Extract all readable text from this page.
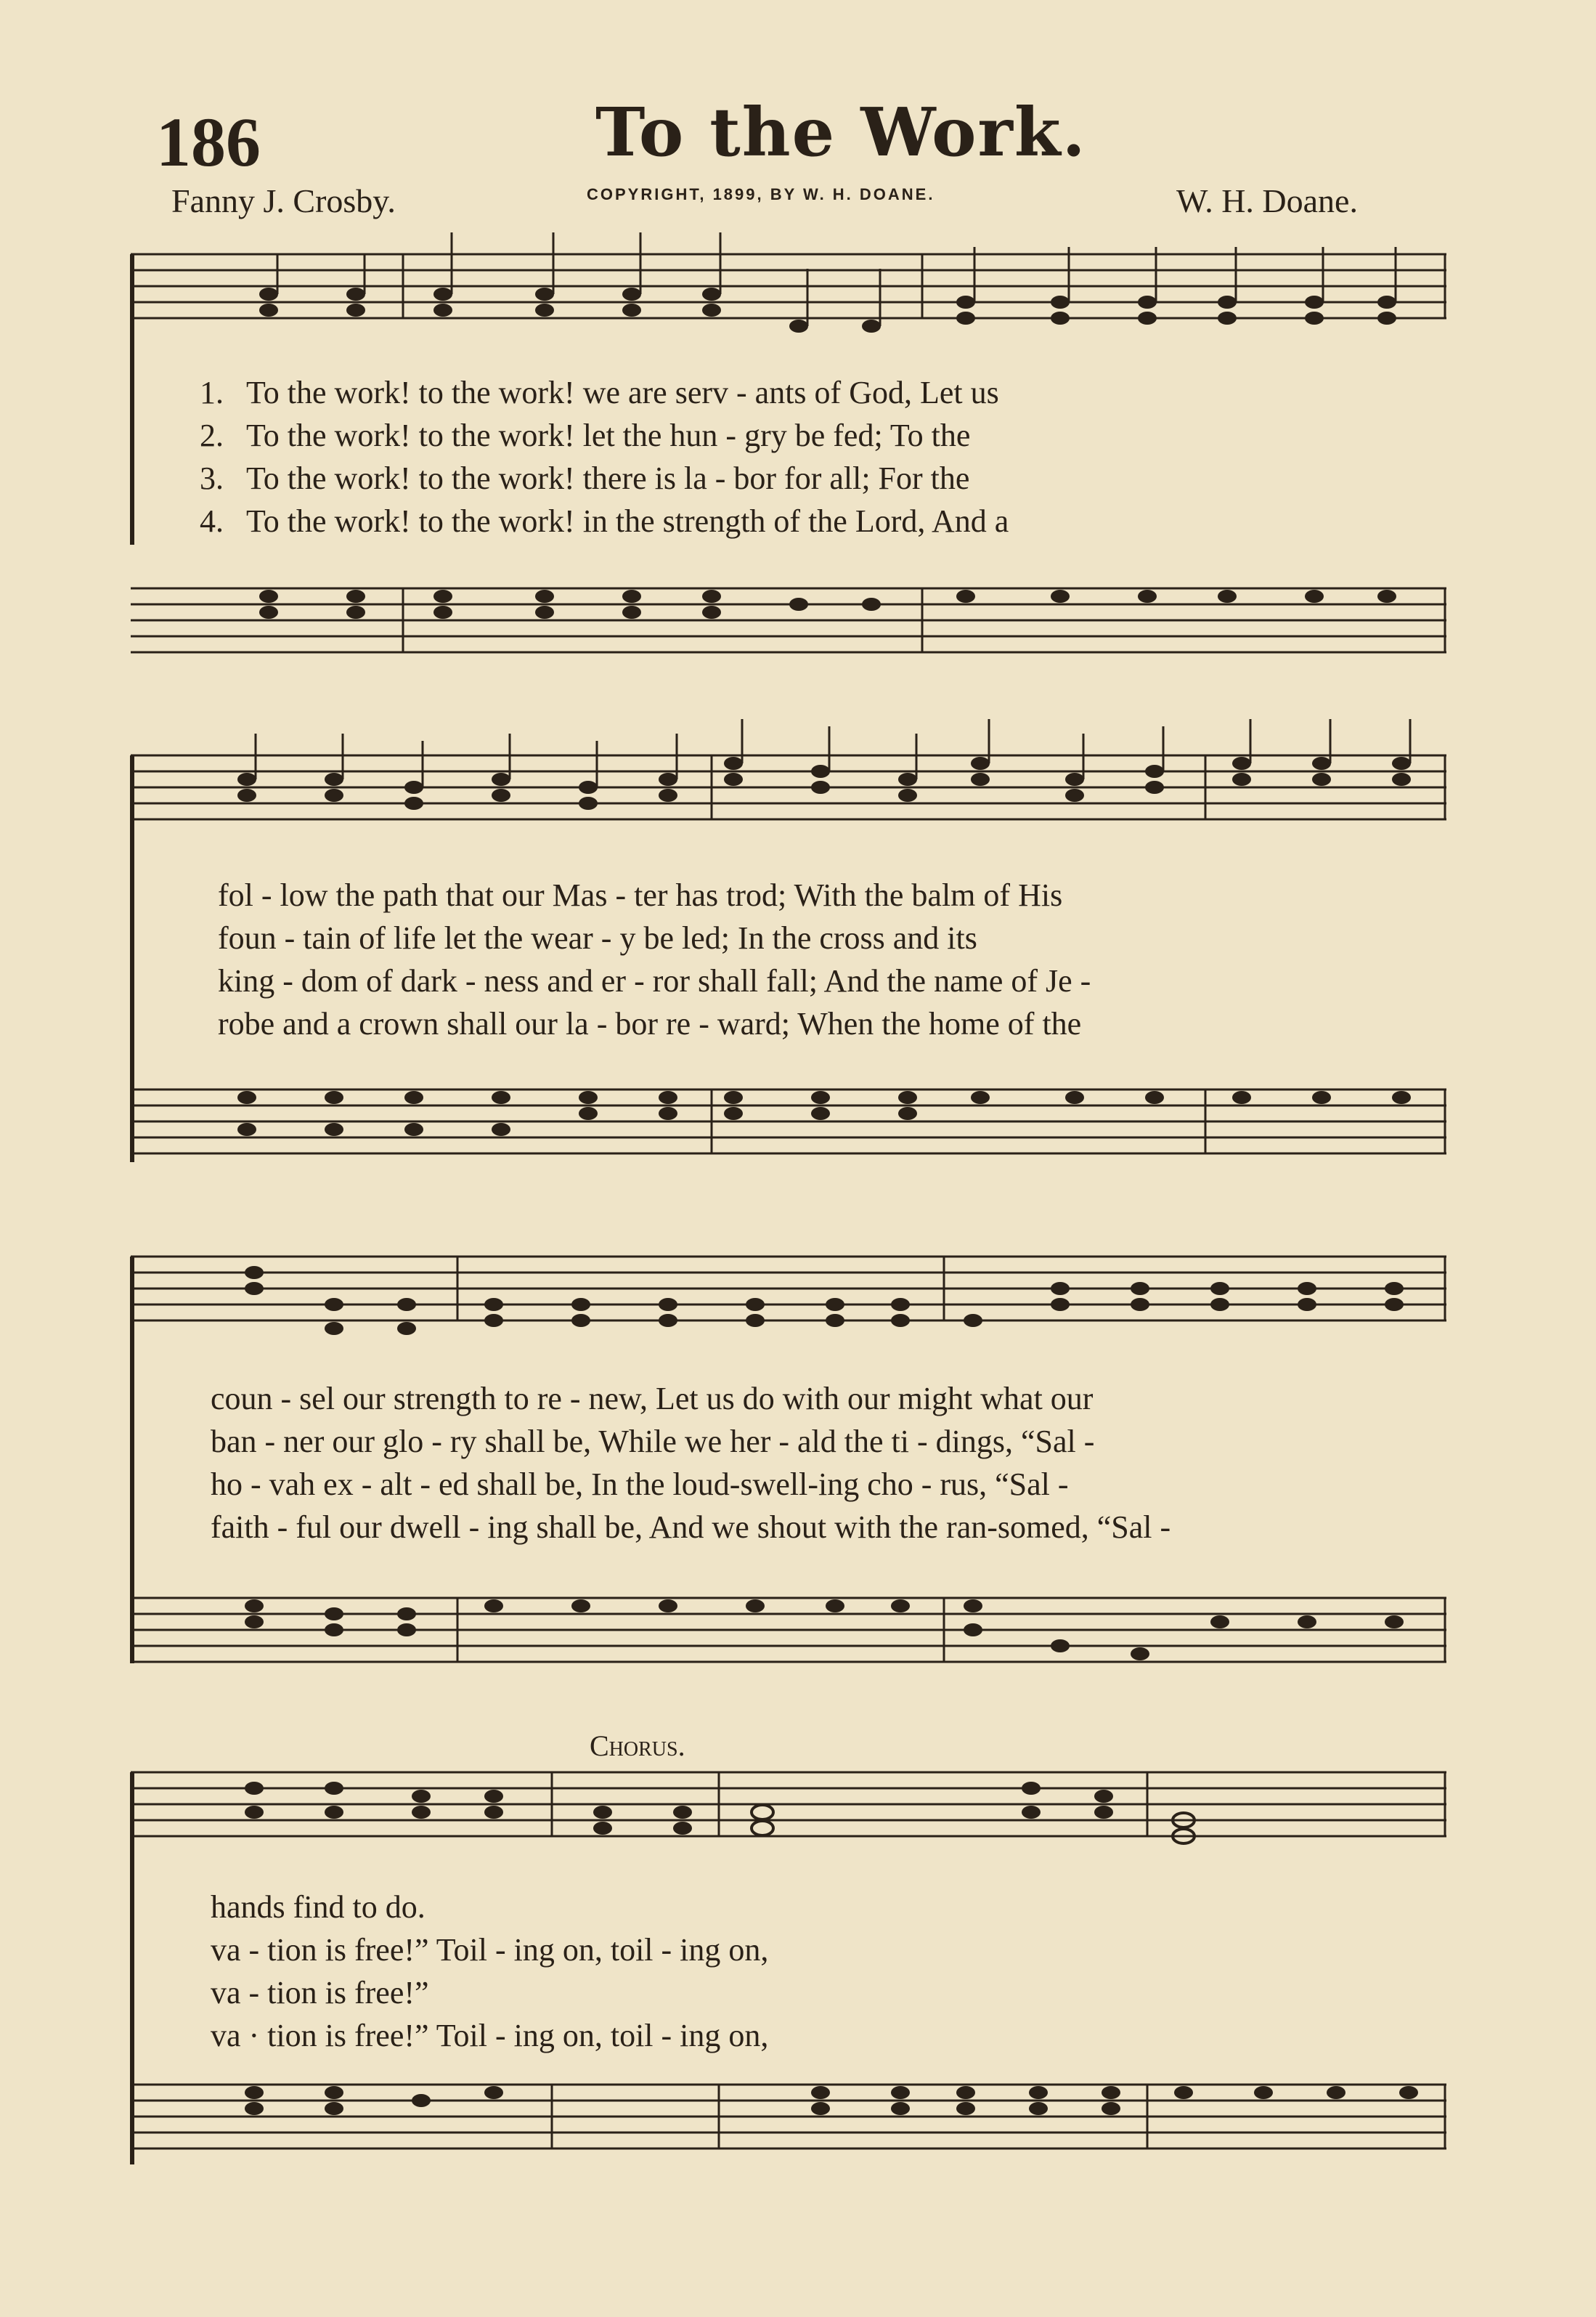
186	To the Work.
Fanny J. Crosby.	COPYRIGHT, 1899, BY W. H. DOANE.	W. H. Doane.
1. To the work! to the work! we are serv - ants of God, Let us
2. To the work! to the work! let the hun - gry be fed; To the
3. To the work! to the work! there is la - bor for all; For the
4. To the work! to the work! in the strength of the Lord, And a
fol - low the path that our Mas - ter has trod; With the balm of His
foun - tain of life let the wear - y be led; In the cross and its
king - dom of dark - ness and er - ror shall fall; And the name of Je -
robe and a crown shall our la - bor re - ward; When the home of the
coun - sel our strength to re - new, Let us do with our might what our
ban - ner our glo - ry shall be, While we her - ald the ti - dings, “Sal -
ho - vah ex - alt - ed shall be, In the loud-swell-ing cho - rus, “Sal -
faith - ful our dwell - ing shall be, And we shout with the ran-somed, “Sal -
Chorus.
hands find to do.
va - tion is free!” Toil - ing on, toil - ing on,
va - tion is free!”
va · tion is free!” Toil - ing on, toil - ing on,
